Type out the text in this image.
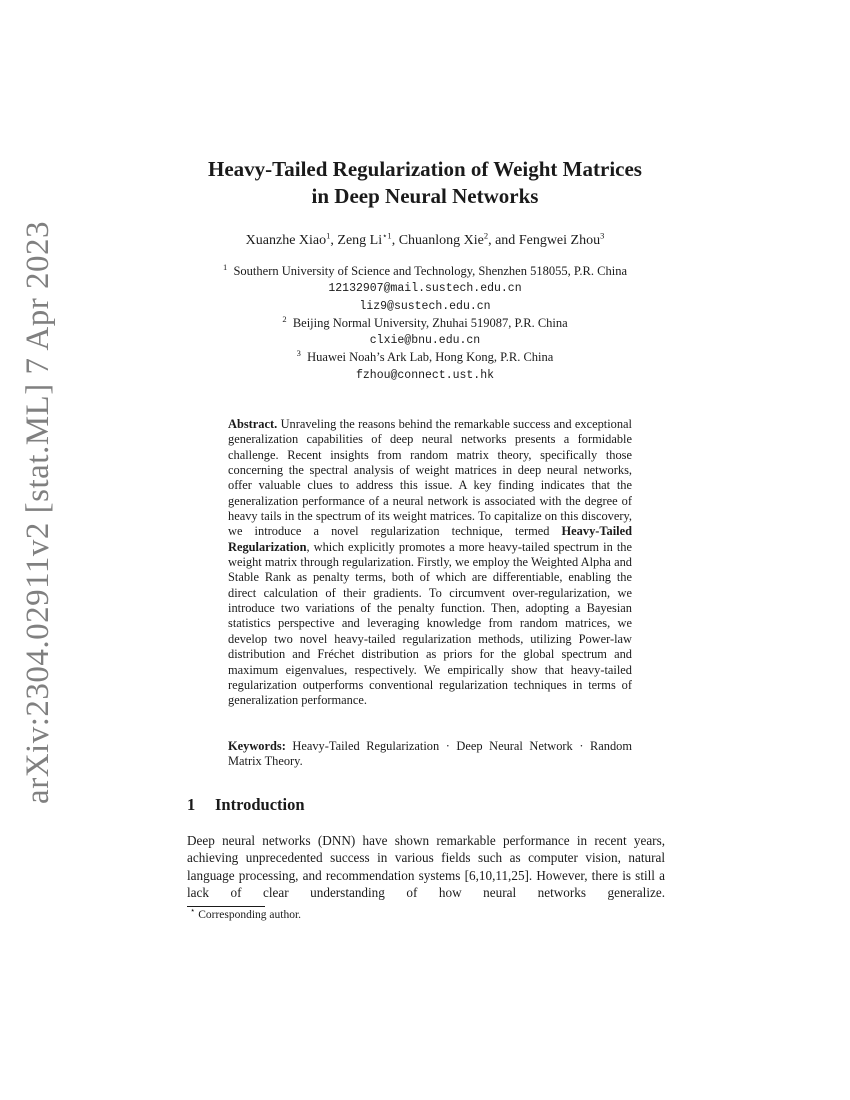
arXiv:2304.02911v2 [stat.ML] 7 Apr 2023
Heavy-Tailed Regularization of Weight Matrices
in Deep Neural Networks
Xuanzhe Xiao$^1$, Zeng $Li^{⋆1}$, Chuanlong Xie$^2$, and Fengwei Zhou$^3$
$^1$ Southern University of Science and Technology, Shenzhen 518055, P.R. China
12132907@mail.sustech.edu.cn
liz9@sustech.edu.cn
$^2$ Beijing Normal University, Zhuhai 519087, P.R. China
clxie@bnu.edu.cn
$^3$ Huawei Noah’s Ark Lab, Hong Kong, P.R. China
fzhou@connect.ust.hk
Abstract. Unraveling the reasons behind the remarkable success and exceptional generalization capabilities of deep neural networks presents a formidable challenge. Recent insights from random matrix theory, specifically those concerning the spectral analysis of weight matrices in deep neural networks, offer valuable clues to address this issue. A key finding indicates that the generalization performance of a neural network is associated with the degree of heavy tails in the spectrum of its weight matrices. To capitalize on this discovery, we introduce a novel regularization technique, termed Heavy-Tailed Regularization, which explicitly promotes a more heavy-tailed spectrum in the weight matrix through regularization. Firstly, we employ the Weighted Alpha and Stable Rank as penalty terms, both of which are differentiable, enabling the direct calculation of their gradients. To circumvent over-regularization, we introduce two variations of the penalty function. Then, adopting a Bayesian statistics perspective and leveraging knowledge from random matrices, we develop two novel heavy-tailed regularization methods, utilizing Power-law distribution and Fréchet distribution as priors for the global spectrum and maximum eigenvalues, respectively. We empirically show that heavy-tailed regularization outperforms conventional regularization techniques in terms of generalization performance.
Keywords: Heavy-Tailed Regularization · Deep Neural Network · Random Matrix Theory.
1 Introduction
Deep neural networks (DNN) have shown remarkable performance in recent years, achieving unprecedented success in various fields such as computer vision, natural language processing, and recommendation systems [6,10,11,25]. However, there is still a lack of clear understanding of how neural networks generalize.
⋆ Corresponding author.
